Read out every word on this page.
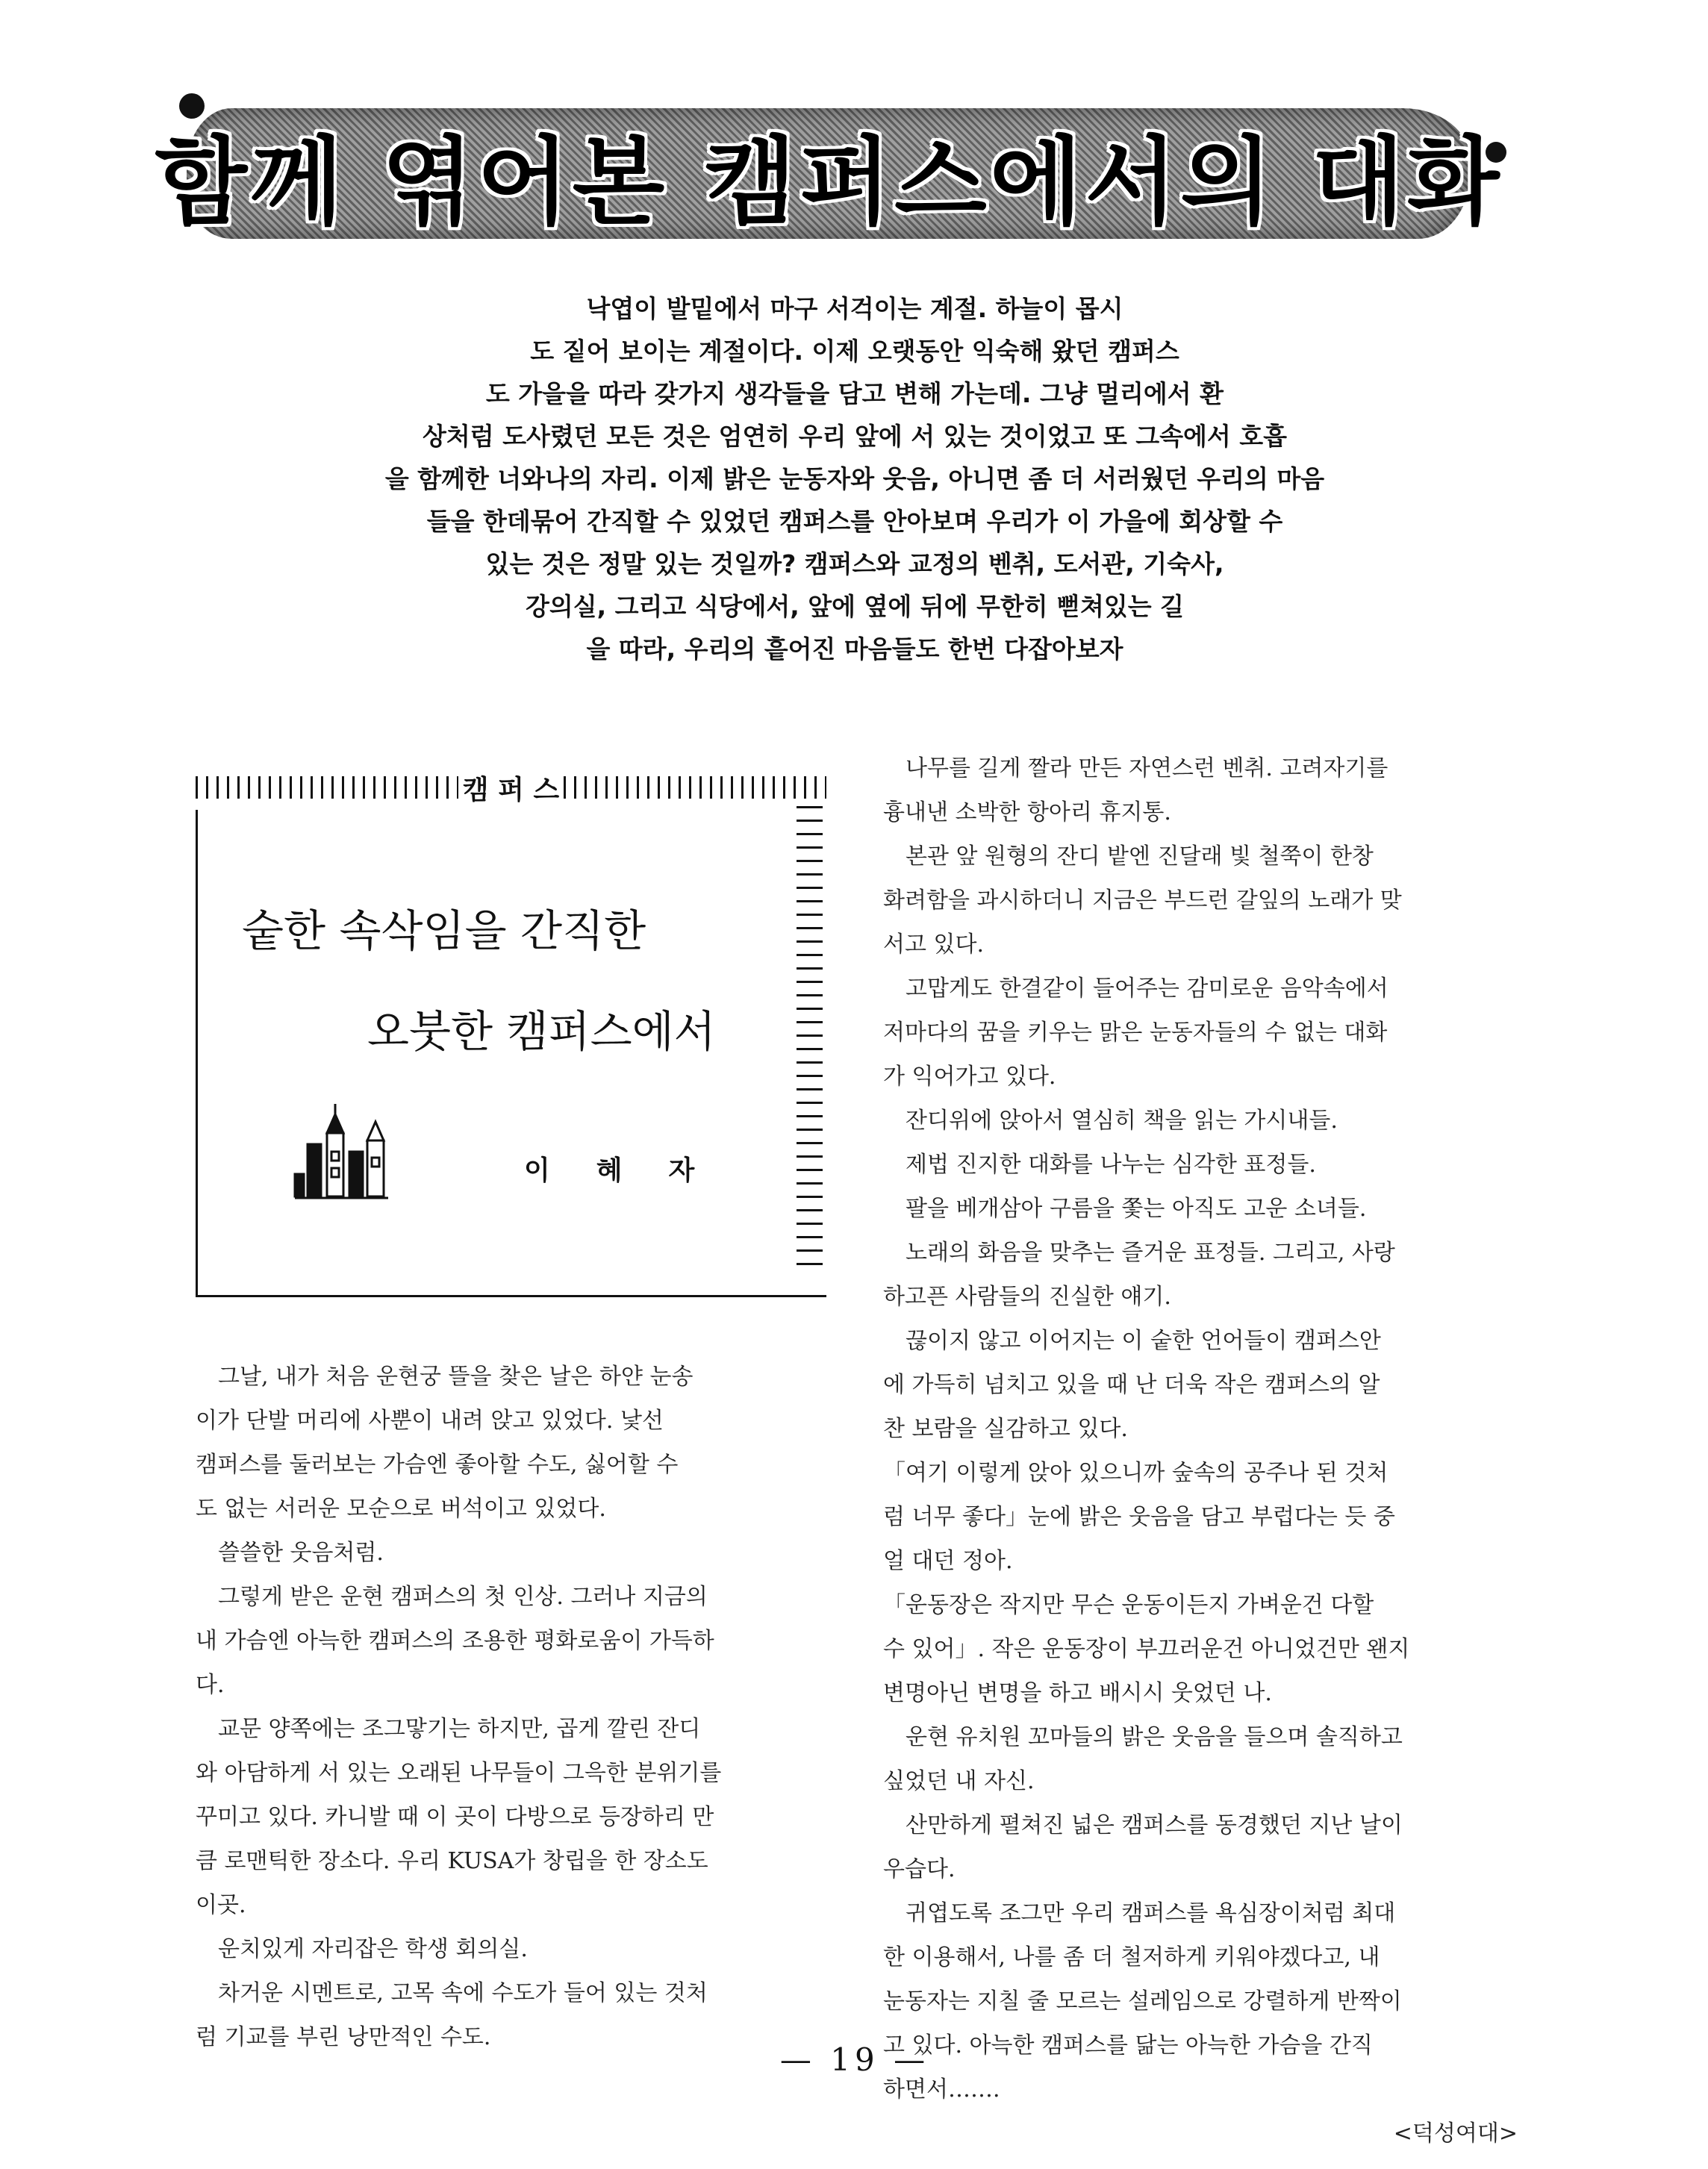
함께 엮어본 캠퍼스에서의 대화
낙엽이 발밑에서 마구 서걱이는 계절. 하늘이 몹시
도 짙어 보이는 계절이다. 이제 오랫동안 익숙해 왔던 캠퍼스
도 가을을 따라 갖가지 생각들을 담고 변해 가는데. 그냥 멀리에서 환
상처럼 도사렸던 모든 것은 엄연히 우리 앞에 서 있는 것이었고 또 그속에서 호흡
을 함께한 너와나의 자리. 이제 밝은 눈동자와 웃음, 아니면 좀 더 서러웠던 우리의 마음
들을 한데묶어 간직할 수 있었던 캠퍼스를 안아보며 우리가 이 가을에 회상할 수
있는 것은 정말 있는 것일까? 캠퍼스와 교정의 벤취, 도서관, 기숙사,
강의실, 그리고 식당에서, 앞에 옆에 뒤에 무한히 뻗쳐있는 길
을 따라, 우리의 흩어진 마음들도 한번 다잡아보자
캠 퍼 스
숱한 속삭임을 간직한
오붓한 캠퍼스에서
이혜자

　그날, 내가 처음 운현궁 뜰을 찾은 날은 하얀 눈송

이가 단발 머리에 사뿐이 내려 앉고 있었다. 낯선

캠퍼스를 둘러보는 가슴엔 좋아할 수도, 싫어할 수

도 없는 서러운 모순으로 버석이고 있었다.

　쓸쓸한 웃음처럼.

　그렇게 받은 운현 캠퍼스의 첫 인상. 그러나 지금의

내 가슴엔 아늑한 캠퍼스의 조용한 평화로움이 가득하

다.

　교문 양쪽에는 조그맣기는 하지만, 곱게 깔린 잔디

와 아담하게 서 있는 오래된 나무들이 그윽한 분위기를

꾸미고 있다. 카니발 때 이 곳이 다방으로 등장하리 만

큼 로맨틱한 장소다. 우리 KUSA가 창립을 한 장소도

이곳.

　운치있게 자리잡은 학생 회의실.

　차거운 시멘트로, 고목 속에 수도가 들어 있는 것처

럼 기교를 부린 낭만적인 수도.

　나무를 길게 짤라 만든 자연스런 벤취. 고려자기를

흉내낸 소박한 항아리 휴지통.

　본관 앞 원형의 잔디 밭엔 진달래 빛 철쭉이 한창

화려함을 과시하더니 지금은 부드런 갈잎의 노래가 맞

서고 있다.

　고맙게도 한결같이 들어주는 감미로운 음악속에서

저마다의 꿈을 키우는 맑은 눈동자들의 수 없는 대화

가 익어가고 있다.

　잔디위에 앉아서 열심히 책을 읽는 가시내들.

　제법 진지한 대화를 나누는 심각한 표정들.

　팔을 베개삼아 구름을 쫓는 아직도 고운 소녀들.

　노래의 화음을 맞추는 즐거운 표정들. 그리고, 사랑

하고픈 사람들의 진실한 얘기.

　끊이지 않고 이어지는 이 숱한 언어들이 캠퍼스안

에 가득히 넘치고 있을 때 난 더욱 작은 캠퍼스의 알

찬 보람을 실감하고 있다.

「여기 이렇게 앉아 있으니까 숲속의 공주나 된 것처

럼 너무 좋다」눈에 밝은 웃음을 담고 부럽다는 듯 중

얼 대던 정아.

「운동장은 작지만 무슨 운동이든지 가벼운건 다할

수 있어」. 작은 운동장이 부끄러운건 아니었건만 왠지

변명아닌 변명을 하고 배시시 웃었던 나.

　운현 유치원 꼬마들의 밝은 웃음을 들으며 솔직하고

싶었던 내 자신.

　산만하게 펼쳐진 넓은 캠퍼스를 동경했던 지난 날이

우습다.

　귀엽도록 조그만 우리 캠퍼스를 욕심장이처럼 최대

한 이용해서, 나를 좀 더 철저하게 키워야겠다고, 내

눈동자는 지칠 줄 모르는 설레임으로 강렬하게 반짝이

고 있다. 아늑한 캠퍼스를 닮는 아늑한 가슴을 간직

하면서…….

<덕성여대>

— 19 —
